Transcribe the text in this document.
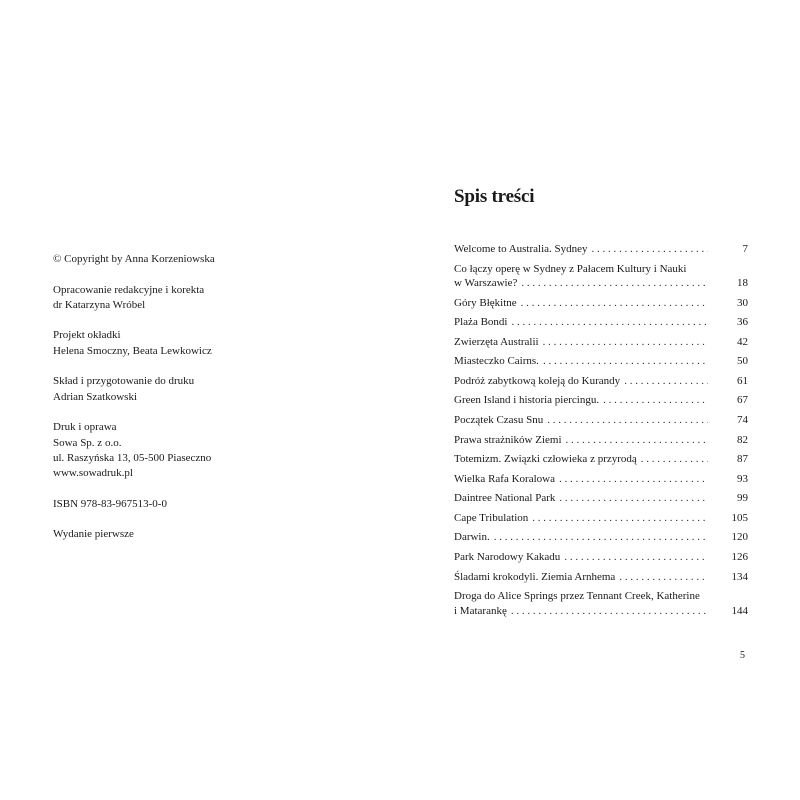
© Copyright by Anna Korzeniowska
Opracowanie redakcyjne i korekta
dr Katarzyna Wróbel
Projekt okładki
Helena Smoczny, Beata Lewkowicz
Skład i przygotowanie do druku
Adrian Szatkowski
Druk i oprawa
Sowa Sp. z o.o.
ul. Raszyńska 13, 05-500 Piaseczno
www.sowadruk.pl
ISBN 978-83-967513-0-0
Wydanie pierwsze
Spis treści
Welcome to Australia. Sydney . . .	7
Co łączy operę w Sydney z Pałacem Kultury i Nauki
w Warszawie? . . .	18
Góry Błękitne . . .	30
Plaża Bondi . . .	36
Zwierzęta Australii . . .	42
Miasteczko Cairns. . . .	50
Podróż zabytkową koleją do Kurandy . . .	61
Green Island i historia piercingu. . . .	67
Początek Czasu Snu . . .	74
Prawa strażników Ziemi . . .	82
Totemizm. Związki człowieka z przyrodą . . .	87
Wielka Rafa Koralowa . . .	93
Daintree National Park . . .	99
Cape Tribulation . . .	105
Darwin. . . .	120
Park Narodowy Kakadu . . .	126
Śladami krokodyli. Ziemia Arnhema . . .	134
Droga do Alice Springs przez Tennant Creek, Katherine
i Matarankę . . .	144
5
